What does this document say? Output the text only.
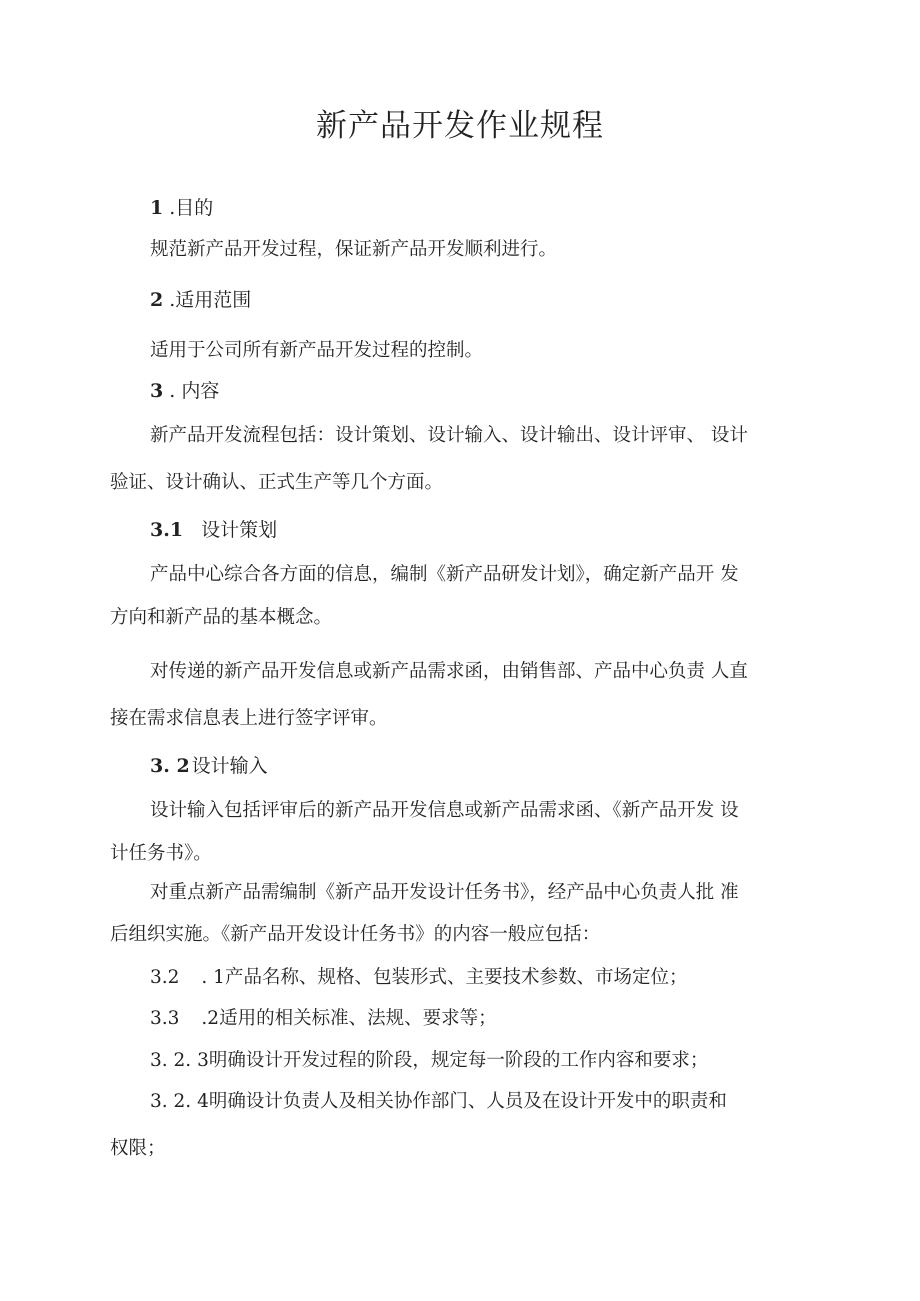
新产品开发作业规程
1 .目的

规范新产品开发过程，保证新产品开发顺利进行。

2 .适用范围

适用于公司所有新产品开发过程的控制。

3 . 内容

新产品开发流程包括：设计策划、设计输入、设计输出、设计评审、 设计

验证、设计确认、正式生产等几个方面。

3.1 设计策划

产品中心综合各方面的信息，编制《新产品研发计划》，确定新产品开 发

方向和新产品的基本概念。

对传递的新产品开发信息或新产品需求函，由销售部、产品中心负责 人直

接在需求信息表上进行签字评审。

3. 2 设计输入

设计输入包括评审后的新产品开发信息或新产品需求函、《新产品开发 设

计任务书》。

对重点新产品需编制《新产品开发设计任务书》，经产品中心负责人批 准

后组织实施。《新产品开发设计任务书》的内容一般应包括：

3.2 . 1产品名称、规格、包装形式、主要技术参数、市场定位；
3.3 .2适用的相关标准、法规、要求等；

3. 2. 3明确设计开发过程的阶段，规定每一阶段的工作内容和要求；

3. 2. 4明确设计负责人及相关协作部门、人员及在设计开发中的职责和

权限；
